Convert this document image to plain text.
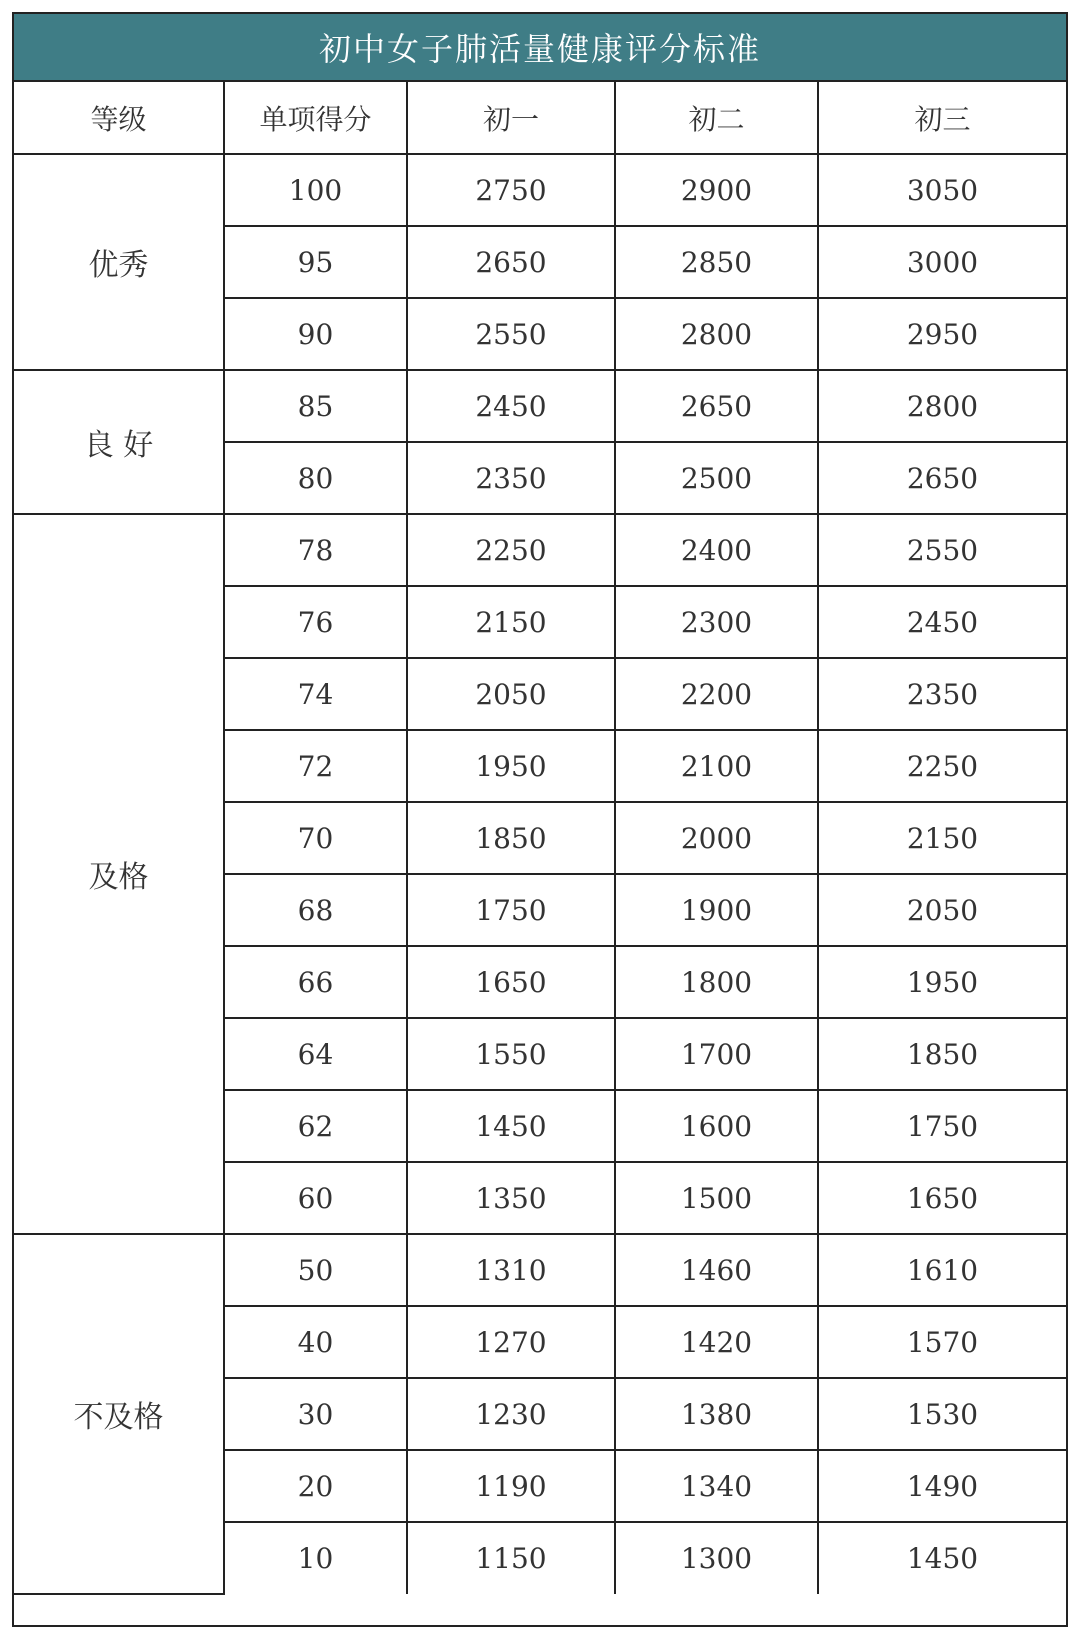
初中女子肺活量健康评分标准
等级	单项得分	初一	初二	初三
优秀	100	2750	2900	3050
	95	2650	2850	3000
	90	2550	2800	2950
良 好	85	2450	2650	2800
	80	2350	2500	2650
及格	78	2250	2400	2550
	76	2150	2300	2450
	74	2050	2200	2350
	72	1950	2100	2250
	70	1850	2000	2150
	68	1750	1900	2050
	66	1650	1800	1950
	64	1550	1700	1850
	62	1450	1600	1750
	60	1350	1500	1650
不及格	50	1310	1460	1610
	40	1270	1420	1570
	30	1230	1380	1530
	20	1190	1340	1490
	10	1150	1300	1450
